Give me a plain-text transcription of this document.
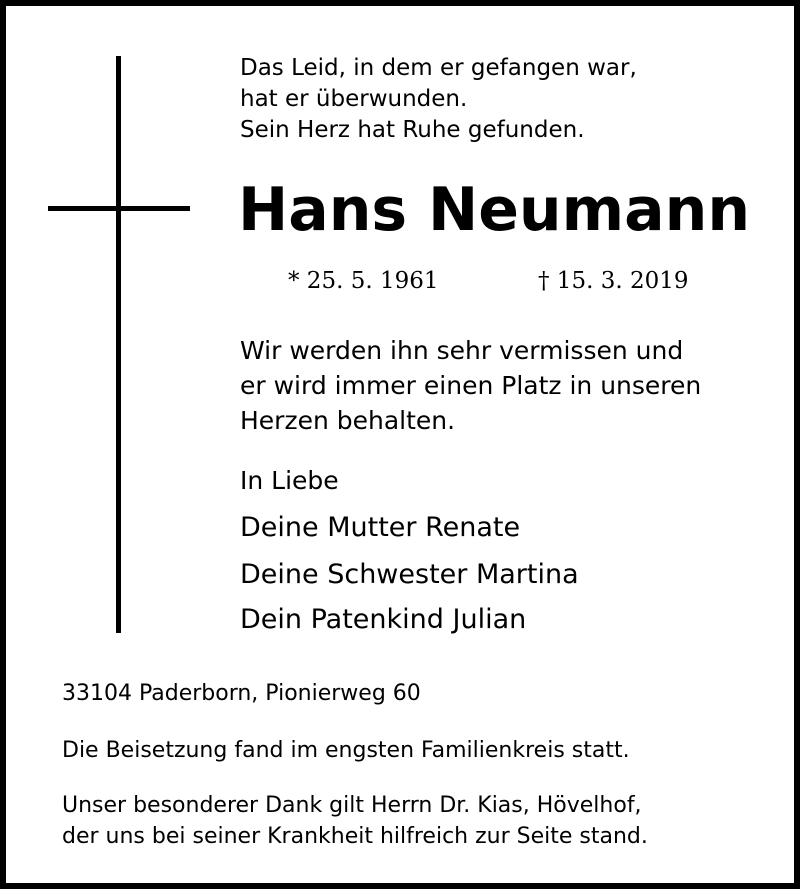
Das Leid, in dem er gefangen war,
hat er überwunden.
Sein Herz hat Ruhe gefunden.
Hans Neumann
* 25. 5. 1961	† 15. 3. 2019
Wir werden ihn sehr vermissen und
er wird immer einen Platz in unseren
Herzen behalten.
In Liebe
Deine Mutter Renate
Deine Schwester Martina
Dein Patenkind Julian
33104 Paderborn, Pionierweg 60
Die Beisetzung fand im engsten Familienkreis statt.
Unser besonderer Dank gilt Herrn Dr. Kias, Hövelhof,
der uns bei seiner Krankheit hilfreich zur Seite stand.
